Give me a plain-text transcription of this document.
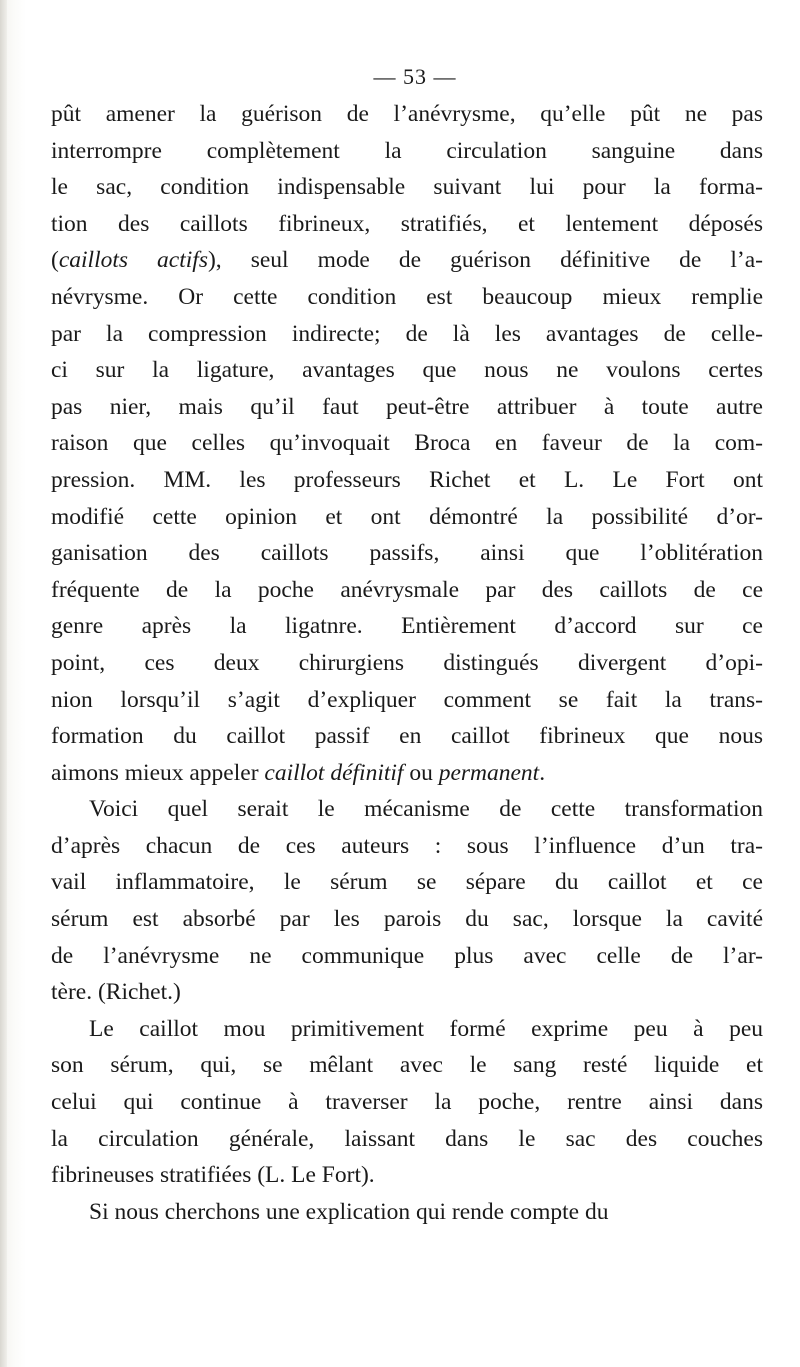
— 53 —
pût amener la guérison de l’anévrysme, qu’elle pût ne pas
interrompre complètement la circulation sanguine dans
le sac, condition indispensable suivant lui pour la forma-
tion des caillots fibrineux, stratifiés, et lentement déposés
(caillots actifs), seul mode de guérison définitive de l’a-
névrysme. Or cette condition est beaucoup mieux remplie
par la compression indirecte; de là les avantages de celle-
ci sur la ligature, avantages que nous ne voulons certes
pas nier, mais qu’il faut peut-être attribuer à toute autre
raison que celles qu’invoquait Broca en faveur de la com-
pression. MM. les professeurs Richet et L. Le Fort ont
modifié cette opinion et ont démontré la possibilité d’or-
ganisation des caillots passifs, ainsi que l’oblitération
fréquente de la poche anévrysmale par des caillots de ce
genre après la ligatnre. Entièrement d’accord sur ce
point, ces deux chirurgiens distingués divergent d’opi-
nion lorsqu’il s’agit d’expliquer comment se fait la trans-
formation du caillot passif en caillot fibrineux que nous
aimons mieux appeler caillot définitif ou permanent.
Voici quel serait le mécanisme de cette transformation
d’après chacun de ces auteurs : sous l’influence d’un tra-
vail inflammatoire, le sérum se sépare du caillot et ce
sérum est absorbé par les parois du sac, lorsque la cavité
de l’anévrysme ne communique plus avec celle de l’ar-
tère. (Richet.)
Le caillot mou primitivement formé exprime peu à peu
son sérum, qui, se mêlant avec le sang resté liquide et
celui qui continue à traverser la poche, rentre ainsi dans
la circulation générale, laissant dans le sac des couches
fibrineuses stratifiées (L. Le Fort).
Si nous cherchons une explication qui rende compte du
